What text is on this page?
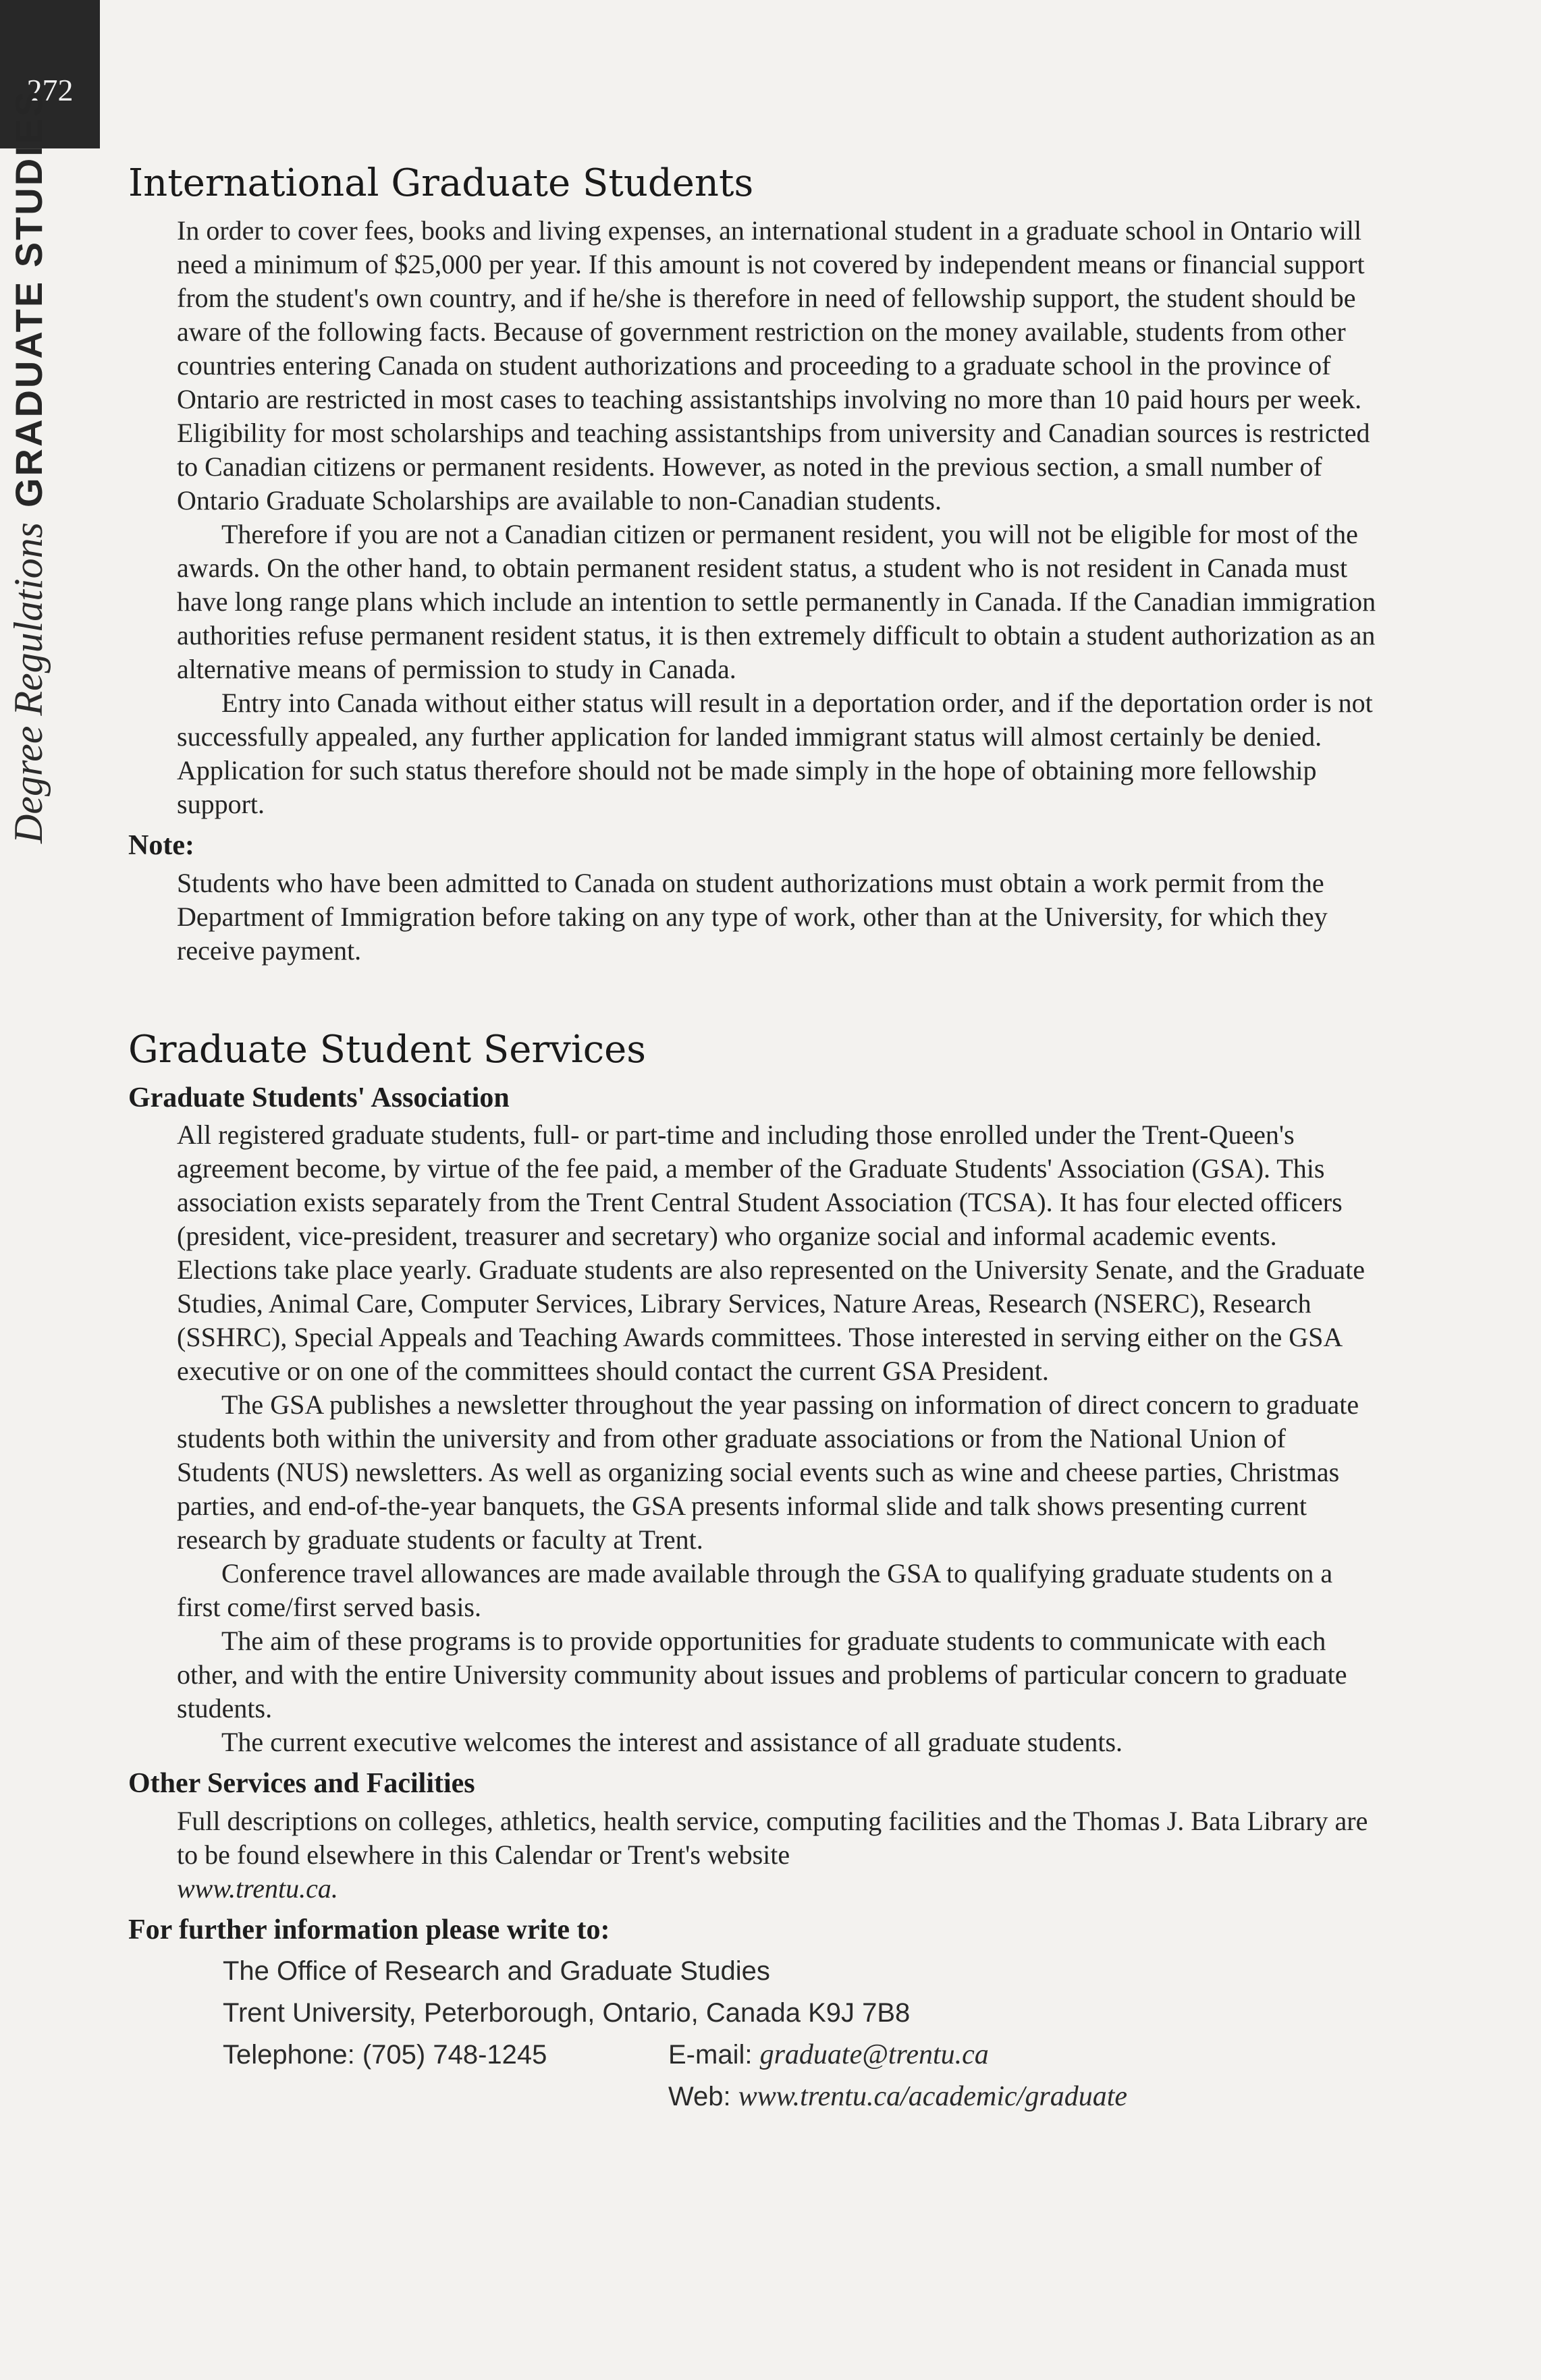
272
Degree Regulations
GRADUATE STUDIES International Graduate Students

In order to cover fees, books and living expenses, an international student in a graduate school in Ontario will need a minimum of $25,000 per year. If this amount is not covered by independent means or financial support from the student's own country, and if he/she is therefore in need of fellowship support, the student should be aware of the following facts. Because of government restriction on the money available, students from other countries entering Canada on student authorizations and proceeding to a graduate school in the province of Ontario are restricted in most cases to teaching assistantships involving no more than 10 paid hours per week. Eligibility for most scholarships and teaching assistantships from university and Canadian sources is restricted to Canadian citizens or permanent residents. However, as noted in the previous section, a small number of Ontario Graduate Scholarships are available to non-Canadian students.

Therefore if you are not a Canadian citizen or permanent resident, you will not be eligible for most of the awards. On the other hand, to obtain permanent resident status, a student who is not resident in Canada must have long range plans which include an intention to settle permanently in Canada. If the Canadian immigration authorities refuse permanent resident status, it is then extremely difficult to obtain a student authorization as an alternative means of permission to study in Canada.

Entry into Canada without either status will result in a deportation order, and if the deportation order is not successfully appealed, any further application for landed immigrant status will almost certainly be denied. Application for such status therefore should not be made simply in the hope of obtaining more fellowship support.

Note:

Students who have been admitted to Canada on student authorizations must obtain a work permit from the Department of Immigration before taking on any type of work, other than at the University, for which they receive payment.

Graduate Student Services
Graduate Students' Association

All registered graduate students, full- or part-time and including those enrolled under the Trent-Queen's agreement become, by virtue of the fee paid, a member of the Graduate Students' Association (GSA). This association exists separately from the Trent Central Student Association (TCSA). It has four elected officers (president, vice-president, treasurer and secretary) who organize social and informal academic events. Elections take place yearly. Graduate students are also represented on the University Senate, and the Graduate Studies, Animal Care, Computer Services, Library Services, Nature Areas, Research (NSERC), Research (SSHRC), Special Appeals and Teaching Awards committees. Those interested in serving either on the GSA executive or on one of the committees should contact the current GSA President.

The GSA publishes a newsletter throughout the year passing on information of direct concern to graduate students both within the university and from other graduate associations or from the National Union of Students (NUS) newsletters. As well as organizing social events such as wine and cheese parties, Christmas parties, and end-of-the-year banquets, the GSA presents informal slide and talk shows presenting current research by graduate students or faculty at Trent.

Conference travel allowances are made available through the GSA to qualifying graduate students on a first come/first served basis.

The aim of these programs is to provide opportunities for graduate students to communicate with each other, and with the entire University community about issues and problems of particular concern to graduate students.

The current executive welcomes the interest and assistance of all graduate students.

Other Services and Facilities

Full descriptions on colleges, athletics, health service, computing facilities and the Thomas J. Bata Library are to be found elsewhere in this Calendar or Trent's website
www.trentu.ca.

For further information please write to:
The Office of Research and Graduate Studies
Trent University, Peterborough, Ontario, Canada K9J 7B8
Telephone: (705) 748-1245	E-mail: graduate@trentu.ca
Web: www.trentu.ca/academic/graduate
